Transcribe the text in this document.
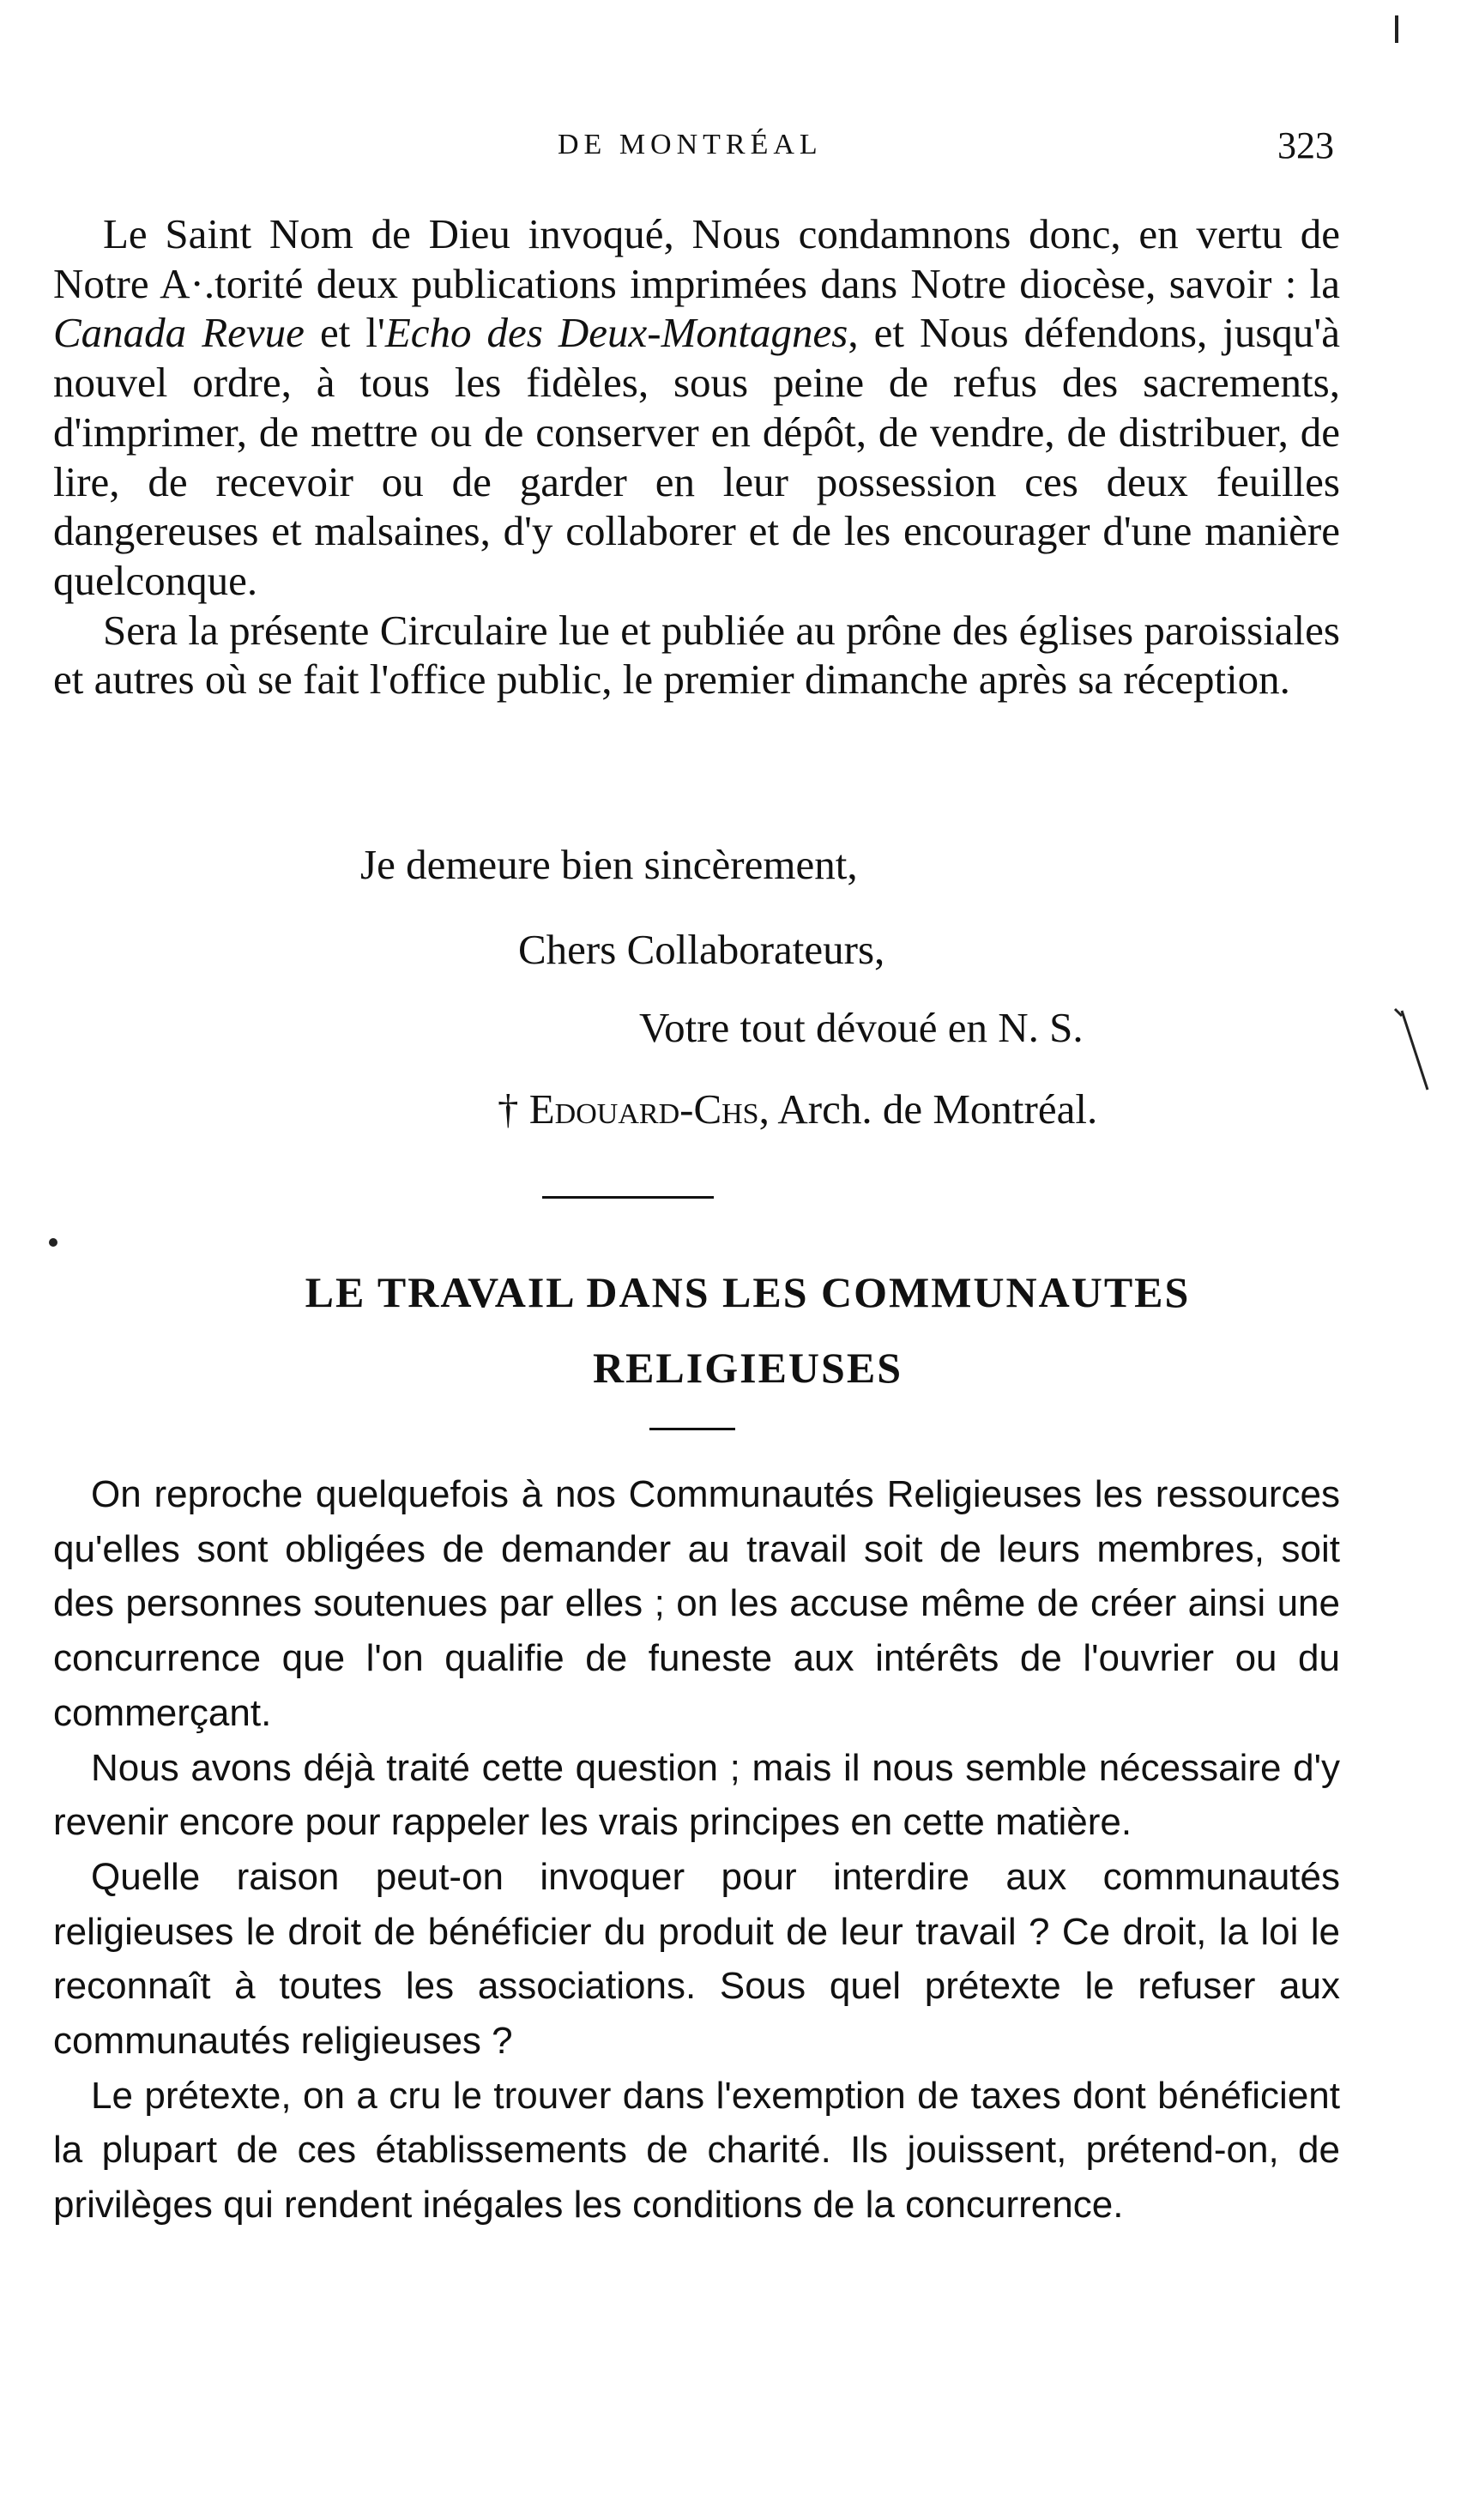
DE MONTRÉAL	323

Le Saint Nom de Dieu invoqué, Nous condamnons donc, en vertu de Notre A·.torité deux publications imprimées dans Notre diocèse, savoir : la Canada Revue et l'Echo des Deux-Montagnes, et Nous défendons, jusqu'à nouvel ordre, à tous les fidèles, sous peine de refus des sacrements, d'imprimer, de mettre ou de conserver en dépôt, de vendre, de distribuer, de lire, de recevoir ou de garder en leur possession ces deux feuilles dangereuses et malsaines, d'y collaborer et de les encourager d'une manière quelconque.

Sera la présente Circulaire lue et publiée au prône des églises paroissiales et autres où se fait l'office public, le premier dimanche après sa réception.

Je demeure bien sincèrement,
Chers Collaborateurs,
Votre tout dévoué en N. S.
† Edouard-Chs, Arch. de Montréal.
LE TRAVAIL DANS LES COMMUNAUTES
RELIGIEUSES

On reproche quelquefois à nos Communautés Religieuses les ressources qu'elles sont obligées de demander au travail soit de leurs membres, soit des personnes soutenues par elles ; on les accuse même de créer ainsi une concurrence que l'on qualifie de funeste aux intérêts de l'ouvrier ou du commerçant.

Nous avons déjà traité cette question ; mais il nous semble nécessaire d'y revenir encore pour rappeler les vrais principes en cette matière.

Quelle raison peut-on invoquer pour interdire aux communautés religieuses le droit de bénéficier du produit de leur travail ? Ce droit, la loi le reconnaît à toutes les associations. Sous quel prétexte le refuser aux communautés religieuses ?

Le prétexte, on a cru le trouver dans l'exemption de taxes dont bénéficient la plupart de ces établissements de charité. Ils jouissent, prétend-on, de privilèges qui rendent inégales les conditions de la concurrence.
